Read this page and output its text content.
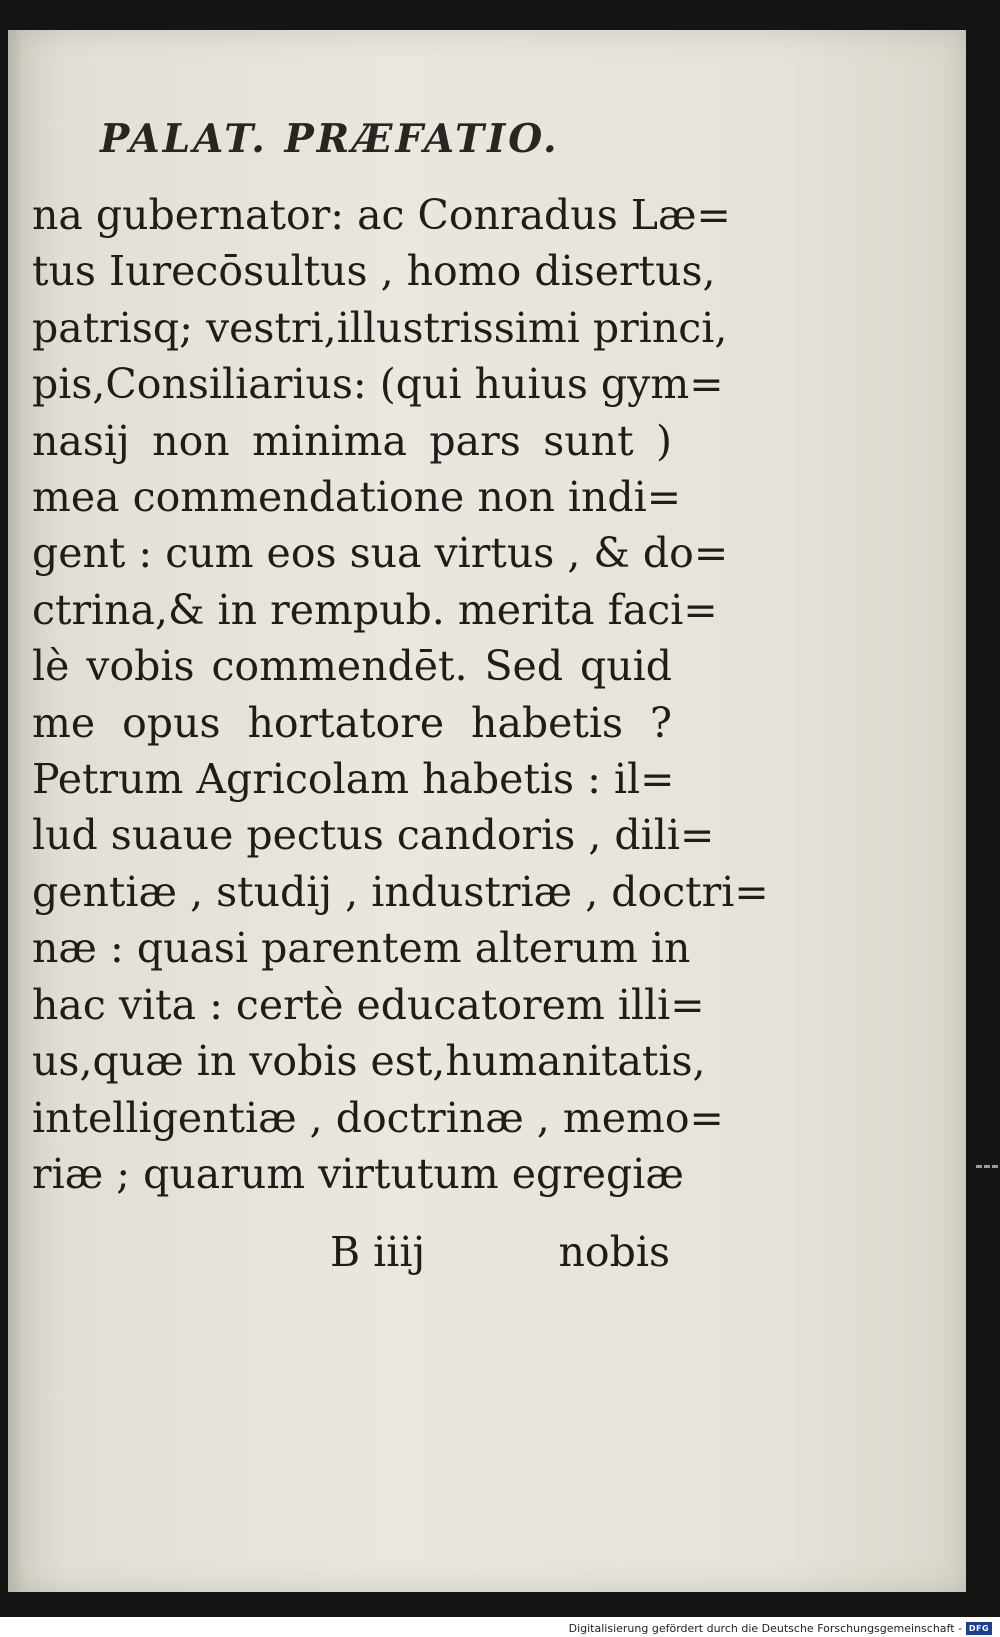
PALAT. PRÆFATIO.
na gubernator: ac Conradus Læ=
tus Iurecōsultus , homo disertus,
patrisq; vestri,illustrissimi princi,
pis,Consiliarius: (qui huius gym=
nasij non minima pars sunt )
mea commendatione non indi=
gent : cum eos sua virtus , & do=
ctrina,& in rempub. merita faci=
lè vobis commendēt. Sed quid
me opus hortatore habetis ?
Petrum Agricolam habetis : il=
lud suaue pectus candoris , dili=
gentiæ , studij , industriæ , doctri=
næ : quasi parentem alterum in
hac vita : certè educatorem illi=
us,quæ in vobis est,humanitatis,
intelligentiæ , doctrinæ , memo=
riæ ; quarum virtutum egregiæ
B iiij	nobis
Digitalisierung gefördert durch die Deutsche Forschungsgemeinschaft - DFG
